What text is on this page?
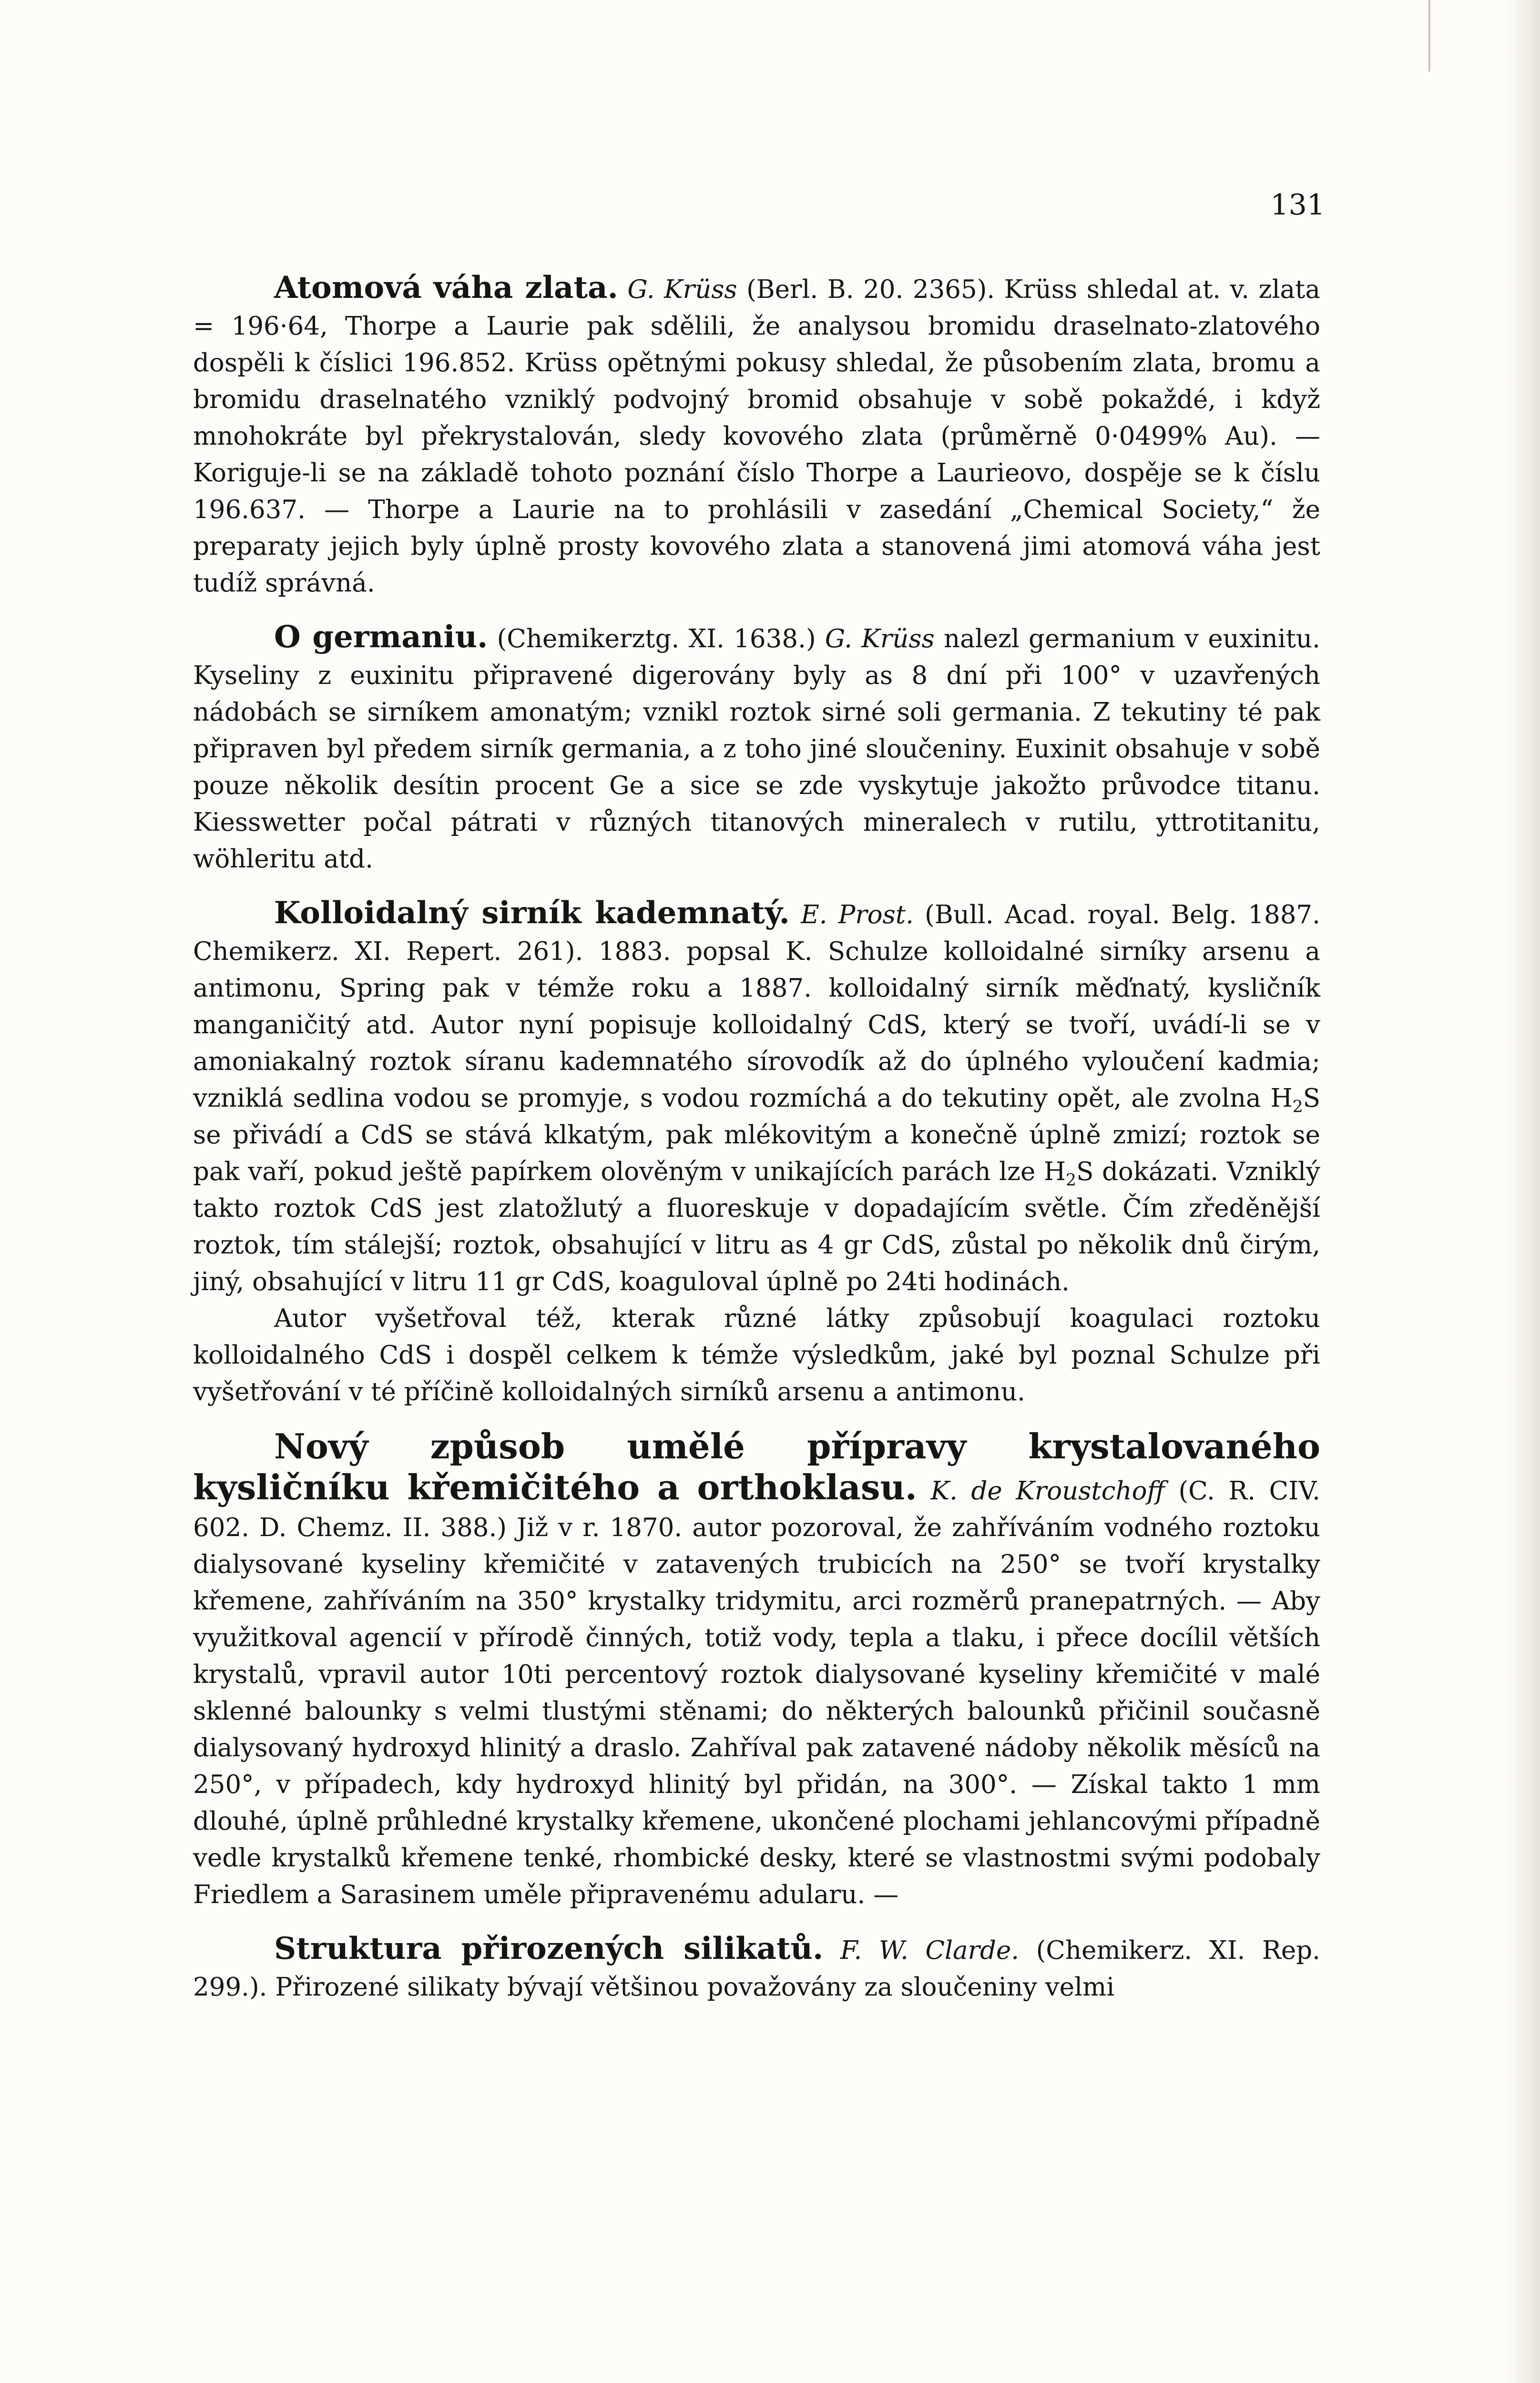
131

Atomová váha zlata. G. Krüss (Berl. B. 20. 2365). Krüss shledal at. v. zlata = 196·64, Thorpe a Laurie pak sdělili, že analysou bromidu draselnato-zlatového dospěli k číslici 196.852. Krüss opětnými pokusy shledal, že působením zlata, bromu a bromidu draselnatého vzniklý podvojný bromid obsahuje v sobě pokaždé, i když mnohokráte byl překrystalován, sledy kovového zlata (průměrně 0·0499% Au). — Koriguje-li se na základě tohoto poznání číslo Thorpe a Laurieovo, dospěje se k číslu 196.637. — Thorpe a Laurie na to prohlásili v zasedání „Chemical Society,“ že preparaty jejich byly úplně prosty kovového zlata a stanovená jimi atomová váha jest tudíž správná.

O germaniu. (Chemikerztg. XI. 1638.) G. Krüss nalezl germanium v euxinitu. Kyseliny z euxinitu připravené digerovány byly as 8 dní při 100° v uzavřených nádobách se sirníkem amonatým; vznikl roztok sirné soli germania. Z tekutiny té pak připraven byl předem sirník germania, a z toho jiné sloučeniny. Euxinit obsahuje v sobě pouze několik desítin procent Ge a sice se zde vyskytuje jakožto průvodce titanu. Kiesswetter počal pátrati v různých titanových mineralech v rutilu, yttrotitanitu, wöhleritu atd.

Kolloidalný sirník kademnatý. E. Prost. (Bull. Acad. royal. Belg. 1887. Chemikerz. XI. Repert. 261). 1883. popsal K. Schulze kolloidalné sirníky arsenu a antimonu, Spring pak v témže roku a 1887. kolloidalný sirník měďnatý, kysličník manganičitý atd. Autor nyní popisuje kolloidalný CdS, který se tvoří, uvádí-li se v amoniakalný roztok síranu kademnatého sírovodík až do úplného vyloučení kadmia; vzniklá sedlina vodou se promyje, s vodou rozmíchá a do tekutiny opět, ale zvolna $H_2S$ se přivádí a CdS se stává klkatým, pak mlékovitým a konečně úplně zmizí; roztok se pak vaří, pokud ještě papírkem olověným v unikajících parách lze $H_2S$ dokázati. Vzniklý takto roztok CdS jest zlatožlutý a fluoreskuje v dopadajícím světle. Čím zředěnější roztok, tím stálejší; roztok, obsahující v litru as 4 gr CdS, zůstal po několik dnů čirým, jiný, obsahující v litru 11 gr CdS, koaguloval úplně po 24ti hodinách.

Autor vyšetřoval též, kterak různé látky způsobují koagulaci roztoku kolloidalného CdS i dospěl celkem k témže výsledkům, jaké byl poznal Schulze při vyšetřování v té příčině kolloidalných sirníků arsenu a antimonu.

Nový způsob umělé přípravy krystalovaného kysličníku křemičitého a orthoklasu. K. de Kroustchoff (C. R. CIV. 602. D. Chemz. II. 388.) Již v r. 1870. autor pozoroval, že zahříváním vodného roztoku dialysované kyseliny křemičité v zatavených trubicích na 250° se tvoří krystalky křemene, zahříváním na 350° krystalky tridymitu, arci rozměrů pranepatrných. — Aby využitkoval agencií v přírodě činných, totiž vody, tepla a tlaku, i přece docílil větších krystalů, vpravil autor 10ti percentový roztok dialysované kyseliny křemičité v malé sklenné balounky s velmi tlustými stěnami; do některých balounků přičinil současně dialysovaný hydroxyd hlinitý a draslo. Zahříval pak zatavené nádoby několik měsíců na 250°, v případech, kdy hydroxyd hlinitý byl přidán, na 300°. — Získal takto 1 mm dlouhé, úplně průhledné krystalky křemene, ukončené plochami jehlancovými případně vedle krystalků křemene tenké, rhombické desky, které se vlastnostmi svými podobaly Friedlem a Sarasinem uměle připravenému adularu. —

Struktura přirozených silikatů. F. W. Clarde. (Chemikerz. XI. Rep. 299.). Přirozené silikaty bývají většinou považovány za sloučeniny velmi
